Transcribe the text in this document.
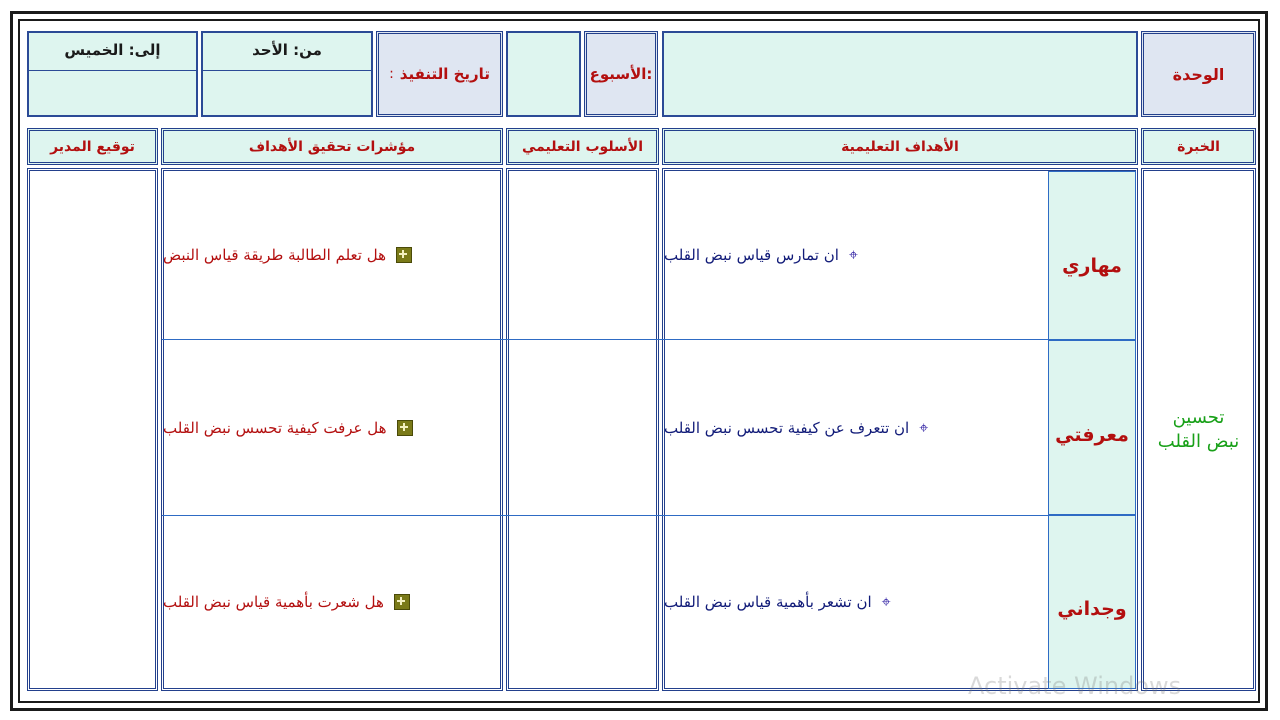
الوحدة
الأسبوع:
تاريخ التنفيذ
:
من: الأحد
إلى: الخميس
الخبرة
الأهداف التعليمية
الأسلوب التعليمي
مؤشرات تحقيق الأهداف
توقيع المدير
تحسين
نبض القلب
مهاري
معرفتي
وجداني
⌖
ان تمارس قياس نبض القلب
⌖
ان تتعرف عن كيفية تحسس نبض القلب
⌖
ان تشعر بأهمية قياس نبض القلب
هل تعلم الطالبة طريقة قياس النبض
هل عرفت كيفية تحسس نبض القلب
هل شعرت بأهمية قياس نبض القلب
Activate Windows
